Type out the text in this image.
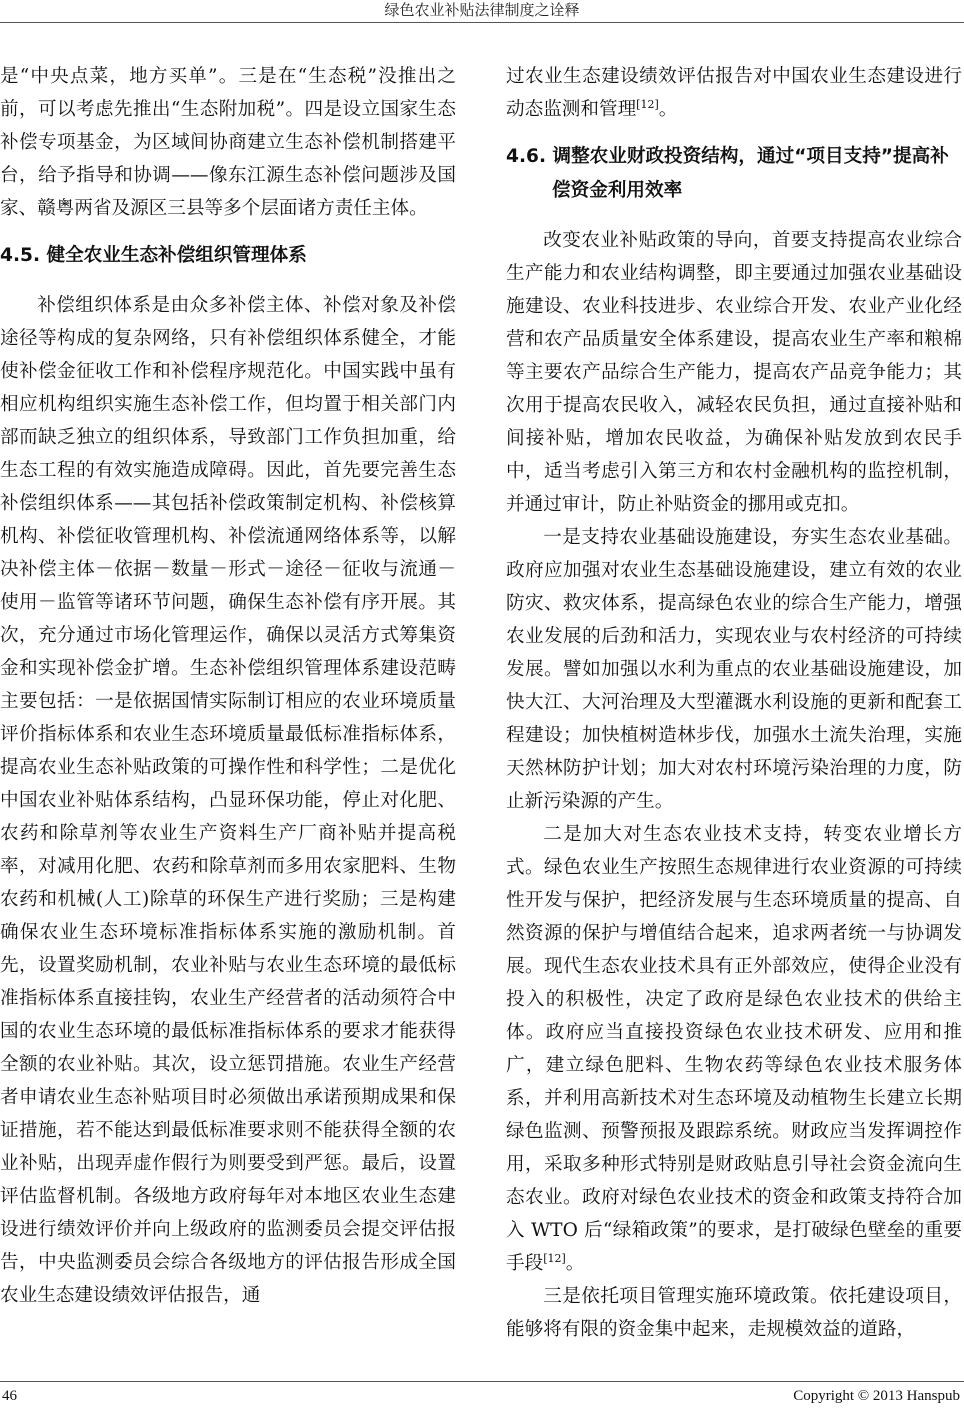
绿色农业补贴法律制度之诠释

是“中央点菜，地方买单”。三是在“生态税”没推出之前，可以考虑先推出“生态附加税”。四是设立国家生态补偿专项基金，为区域间协商建立生态补偿机制搭建平台，给予指导和协调——像东江源生态补偿问题涉及国家、赣粤两省及源区三县等多个层面诸方责任主体。

4.5. 健全农业生态补偿组织管理体系

补偿组织体系是由众多补偿主体、补偿对象及补偿途径等构成的复杂网络，只有补偿组织体系健全，才能使补偿金征收工作和补偿程序规范化。中国实践中虽有相应机构组织实施生态补偿工作，但均置于相关部门内部而缺乏独立的组织体系，导致部门工作负担加重，给生态工程的有效实施造成障碍。因此，首先要完善生态补偿组织体系——其包括补偿政策制定机构、补偿核算机构、补偿征收管理机构、补偿流通网络体系等，以解决补偿主体－依据－数量－形式－途径－征收与流通－使用－监管等诸环节问题，确保生态补偿有序开展。其次，充分通过市场化管理运作，确保以灵活方式筹集资金和实现补偿金扩增。生态补偿组织管理体系建设范畴主要包括：一是依据国情实际制订相应的农业环境质量评价指标体系和农业生态环境质量最低标准指标体系，提高农业生态补贴政策的可操作性和科学性；二是优化中国农业补贴体系结构，凸显环保功能，停止对化肥、农药和除草剂等农业生产资料生产厂商补贴并提高税率，对减用化肥、农药和除草剂而多用农家肥料、生物农药和机械(人工)除草的环保生产进行奖励；三是构建确保农业生态环境标准指标体系实施的激励机制。首先，设置奖励机制，农业补贴与农业生态环境的最低标准指标体系直接挂钩，农业生产经营者的活动须符合中国的农业生态环境的最低标准指标体系的要求才能获得全额的农业补贴。其次，设立惩罚措施。农业生产经营者申请农业生态补贴项目时必须做出承诺预期成果和保证措施，若不能达到最低标准要求则不能获得全额的农业补贴，出现弄虚作假行为则要受到严惩。最后，设置评估监督机制。各级地方政府每年对本地区农业生态建设进行绩效评价并向上级政府的监测委员会提交评估报告，中央监测委员会综合各级地方的评估报告形成全国农业生态建设绩效评估报告，通

过农业生态建设绩效评估报告对中国农业生态建设进行动态监测和管理[12]。

4.6. 调整农业财政投资结构，通过“项目支持”提高补偿资金利用效率

改变农业补贴政策的导向，首要支持提高农业综合生产能力和农业结构调整，即主要通过加强农业基础设施建设、农业科技进步、农业综合开发、农业产业化经营和农产品质量安全体系建设，提高农业生产率和粮棉等主要农产品综合生产能力，提高农产品竞争能力；其次用于提高农民收入，减轻农民负担，通过直接补贴和间接补贴，增加农民收益，为确保补贴发放到农民手中，适当考虑引入第三方和农村金融机构的监控机制，并通过审计，防止补贴资金的挪用或克扣。

一是支持农业基础设施建设，夯实生态农业基础。政府应加强对农业生态基础设施建设，建立有效的农业防灾、救灾体系，提高绿色农业的综合生产能力，增强农业发展的后劲和活力，实现农业与农村经济的可持续发展。譬如加强以水利为重点的农业基础设施建设，加快大江、大河治理及大型灌溉水利设施的更新和配套工程建设；加快植树造林步伐，加强水土流失治理，实施天然林防护计划；加大对农村环境污染治理的力度，防止新污染源的产生。

二是加大对生态农业技术支持，转变农业增长方式。绿色农业生产按照生态规律进行农业资源的可持续性开发与保护，把经济发展与生态环境质量的提高、自然资源的保护与增值结合起来，追求两者统一与协调发展。现代生态农业技术具有正外部效应，使得企业没有投入的积极性，决定了政府是绿色农业技术的供给主体。政府应当直接投资绿色农业技术研发、应用和推广，建立绿色肥料、生物农药等绿色农业技术服务体系，并利用高新技术对生态环境及动植物生长建立长期绿色监测、预警预报及跟踪系统。财政应当发挥调控作用，采取多种形式特别是财政贴息引导社会资金流向生态农业。政府对绿色农业技术的资金和政策支持符合加入 WTO 后“绿箱政策”的要求，是打破绿色壁垒的重要手段[12]。

三是依托项目管理实施环境政策。依托建设项目，能够将有限的资金集中起来，走规模效益的道路，

46	Copyright © 2013 Hanspub
